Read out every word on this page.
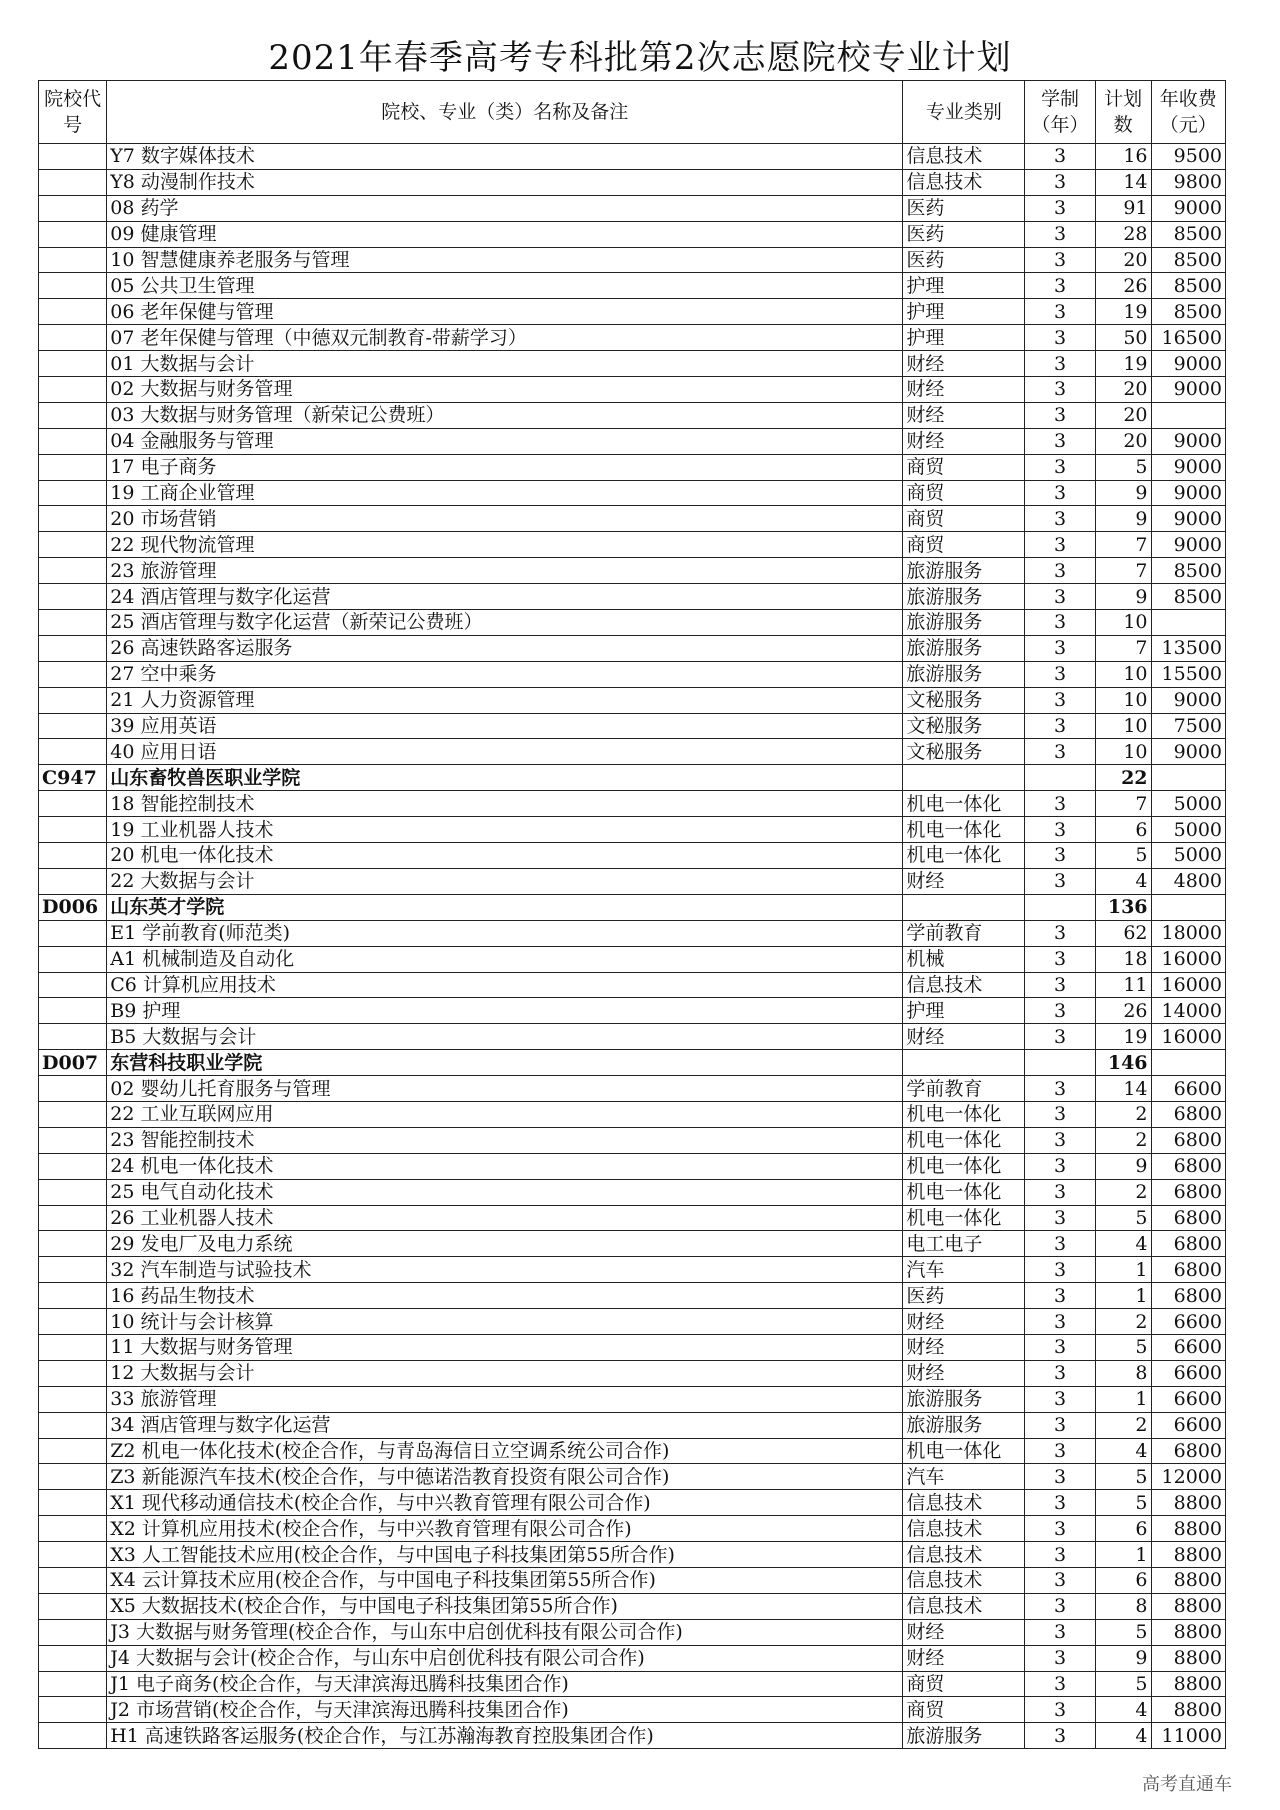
2021年春季高考专科批第2次志愿院校专业计划
院校代号	院校、专业（类）名称及备注	专业类别	学制（年）	计划数	年收费（元）
	Y7 数字媒体技术	信息技术	3	16	9500
	Y8 动漫制作技术	信息技术	3	14	9800
	08 药学	医药	3	91	9000
	09 健康管理	医药	3	28	8500
	10 智慧健康养老服务与管理	医药	3	20	8500
	05 公共卫生管理	护理	3	26	8500
	06 老年保健与管理	护理	3	19	8500
	07 老年保健与管理（中德双元制教育-带薪学习）	护理	3	50	16500
	01 大数据与会计	财经	3	19	9000
	02 大数据与财务管理	财经	3	20	9000
	03 大数据与财务管理（新荣记公费班）	财经	3	20	
	04 金融服务与管理	财经	3	20	9000
	17 电子商务	商贸	3	5	9000
	19 工商企业管理	商贸	3	9	9000
	20 市场营销	商贸	3	9	9000
	22 现代物流管理	商贸	3	7	9000
	23 旅游管理	旅游服务	3	7	8500
	24 酒店管理与数字化运营	旅游服务	3	9	8500
	25 酒店管理与数字化运营（新荣记公费班）	旅游服务	3	10	
	26 高速铁路客运服务	旅游服务	3	7	13500
	27 空中乘务	旅游服务	3	10	15500
	21 人力资源管理	文秘服务	3	10	9000
	39 应用英语	文秘服务	3	10	7500
	40 应用日语	文秘服务	3	10	9000
C947	山东畜牧兽医职业学院			22	
	18 智能控制技术	机电一体化	3	7	5000
	19 工业机器人技术	机电一体化	3	6	5000
	20 机电一体化技术	机电一体化	3	5	5000
	22 大数据与会计	财经	3	4	4800
D006	山东英才学院			136	
	E1 学前教育(师范类)	学前教育	3	62	18000
	A1 机械制造及自动化	机械	3	18	16000
	C6 计算机应用技术	信息技术	3	11	16000
	B9 护理	护理	3	26	14000
	B5 大数据与会计	财经	3	19	16000
D007	东营科技职业学院			146	
	02 婴幼儿托育服务与管理	学前教育	3	14	6600
	22 工业互联网应用	机电一体化	3	2	6800
	23 智能控制技术	机电一体化	3	2	6800
	24 机电一体化技术	机电一体化	3	9	6800
	25 电气自动化技术	机电一体化	3	2	6800
	26 工业机器人技术	机电一体化	3	5	6800
	29 发电厂及电力系统	电工电子	3	4	6800
	32 汽车制造与试验技术	汽车	3	1	6800
	16 药品生物技术	医药	3	1	6800
	10 统计与会计核算	财经	3	2	6600
	11 大数据与财务管理	财经	3	5	6600
	12 大数据与会计	财经	3	8	6600
	33 旅游管理	旅游服务	3	1	6600
	34 酒店管理与数字化运营	旅游服务	3	2	6600
	Z2 机电一体化技术(校企合作，与青岛海信日立空调系统公司合作)	机电一体化	3	4	6800
	Z3 新能源汽车技术(校企合作，与中德诺浩教育投资有限公司合作)	汽车	3	5	12000
	X1 现代移动通信技术(校企合作，与中兴教育管理有限公司合作)	信息技术	3	5	8800
	X2 计算机应用技术(校企合作，与中兴教育管理有限公司合作)	信息技术	3	6	8800
	X3 人工智能技术应用(校企合作，与中国电子科技集团第55所合作)	信息技术	3	1	8800
	X4 云计算技术应用(校企合作，与中国电子科技集团第55所合作)	信息技术	3	6	8800
	X5 大数据技术(校企合作，与中国电子科技集团第55所合作)	信息技术	3	8	8800
	J3 大数据与财务管理(校企合作，与山东中启创优科技有限公司合作)	财经	3	5	8800
	J4 大数据与会计(校企合作，与山东中启创优科技有限公司合作)	财经	3	9	8800
	J1 电子商务(校企合作，与天津滨海迅腾科技集团合作)	商贸	3	5	8800
	J2 市场营销(校企合作，与天津滨海迅腾科技集团合作)	商贸	3	4	8800
	H1 高速铁路客运服务(校企合作，与江苏瀚海教育控股集团合作)	旅游服务	3	4	11000
高考直通车
